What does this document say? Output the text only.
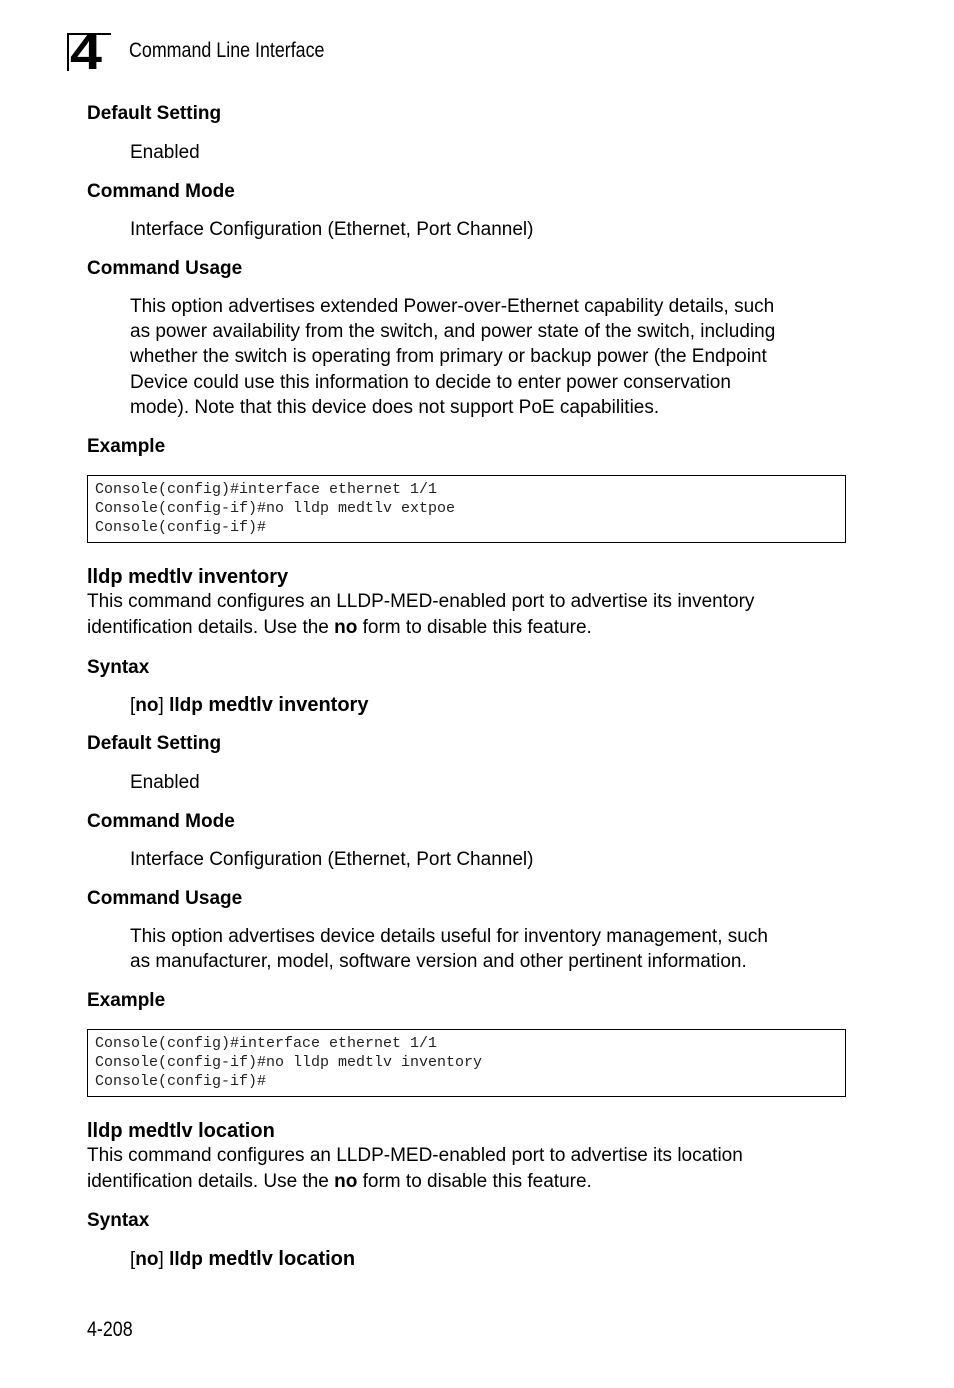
4 Command Line Interface
Default Setting
Enabled
Command Mode
Interface Configuration (Ethernet, Port Channel)
Command Usage
This option advertises extended Power-over-Ethernet capability details, such
as power availability from the switch, and power state of the switch, including
whether the switch is operating from primary or backup power (the Endpoint
Device could use this information to decide to enter power conservation
mode). Note that this device does not support PoE capabilities.
Example
Console(config)#interface ethernet 1/1
Console(config-if)#no lldp medtlv extpoe
Console(config-if)#
lldp medtlv inventory
This command configures an LLDP-MED-enabled port to advertise its inventory
identification details. Use the no form to disable this feature.
Syntax
[no] lldp medtlv inventory
Default Setting
Enabled
Command Mode
Interface Configuration (Ethernet, Port Channel)
Command Usage
This option advertises device details useful for inventory management, such
as manufacturer, model, software version and other pertinent information.
Example
Console(config)#interface ethernet 1/1
Console(config-if)#no lldp medtlv inventory
Console(config-if)#
lldp medtlv location
This command configures an LLDP-MED-enabled port to advertise its location
identification details. Use the no form to disable this feature.
Syntax
[no] lldp medtlv location
4-208
